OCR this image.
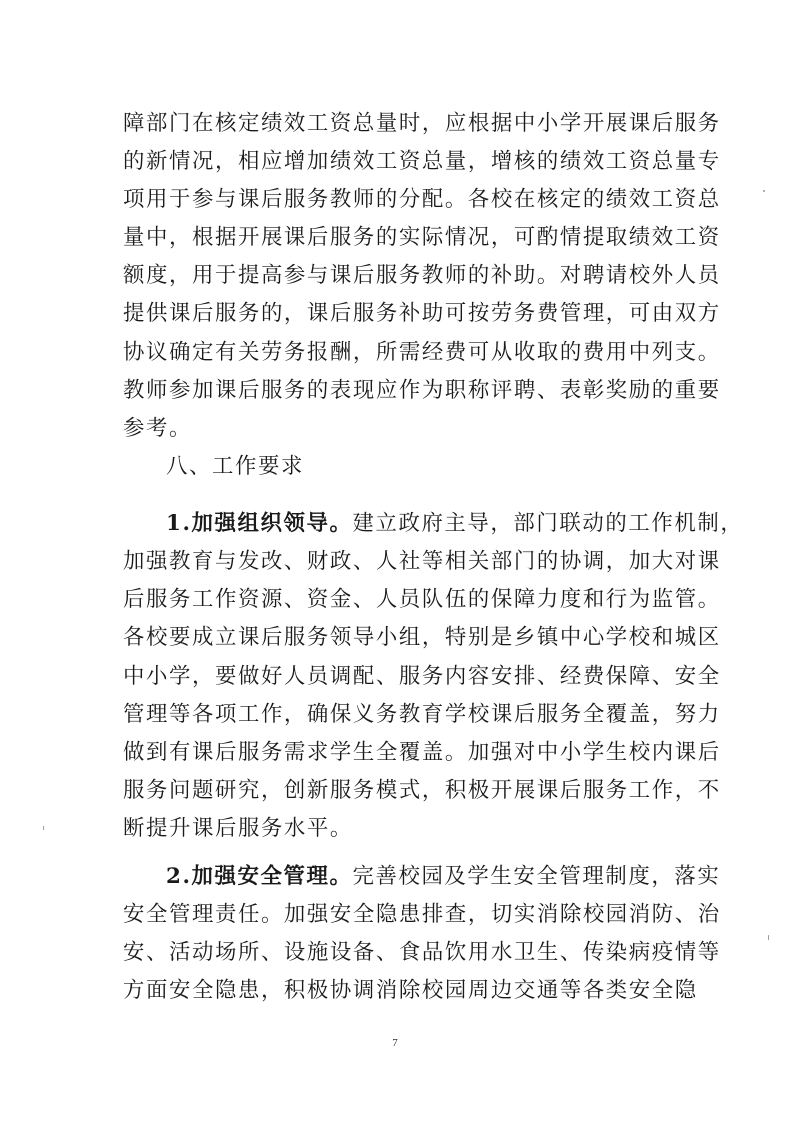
障部门在核定绩效工资总量时，应根据中小学开展课后服务
的新情况，相应增加绩效工资总量，增核的绩效工资总量专
项用于参与课后服务教师的分配。各校在核定的绩效工资总
量中，根据开展课后服务的实际情况，可酌情提取绩效工资
额度，用于提高参与课后服务教师的补助。对聘请校外人员
提供课后服务的，课后服务补助可按劳务费管理，可由双方
协议确定有关劳务报酬，所需经费可从收取的费用中列支。
教师参加课后服务的表现应作为职称评聘、表彰奖励的重要
参考。
八、工作要求
1.加强组织领导。建立政府主导，部门联动的工作机制，
加强教育与发改、财政、人社等相关部门的协调，加大对课
后服务工作资源、资金、人员队伍的保障力度和行为监管。
各校要成立课后服务领导小组，特别是乡镇中心学校和城区
中小学，要做好人员调配、服务内容安排、经费保障、安全
管理等各项工作，确保义务教育学校课后服务全覆盖，努力
做到有课后服务需求学生全覆盖。加强对中小学生校内课后
服务问题研究，创新服务模式，积极开展课后服务工作，不
断提升课后服务水平。
2.加强安全管理。完善校园及学生安全管理制度，落实
安全管理责任。加强安全隐患排查，切实消除校园消防、治
安、活动场所、设施设备、食品饮用水卫生、传染病疫情等
方面安全隐患，积极协调消除校园周边交通等各类安全隐
7
